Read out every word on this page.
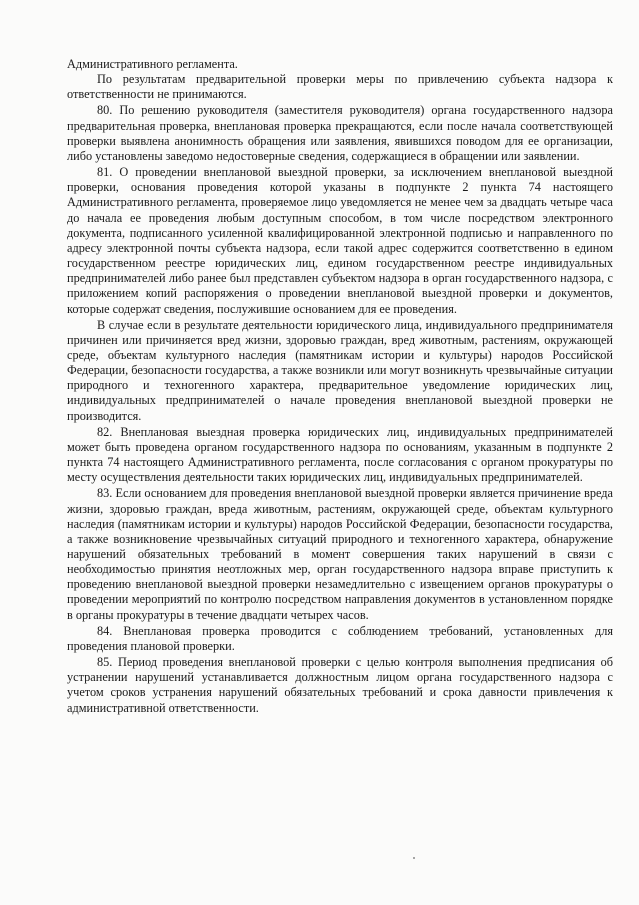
Административного регламента.

По результатам предварительной проверки меры по привлечению субъекта надзора к ответственности не принимаются.

80. По решению руководителя (заместителя руководителя) органа государственного надзора предварительная проверка, внеплановая проверка прекращаются, если после начала соответствующей проверки выявлена анонимность обращения или заявления, явившихся поводом для ее организации, либо установлены заведомо недостоверные сведения, содержащиеся в обращении или заявлении.

81. О проведении внеплановой выездной проверки, за исключением внеплановой выездной проверки, основания проведения которой указаны в подпункте 2 пункта 74 настоящего Административного регламента, проверяемое лицо уведомляется не менее чем за двадцать четыре часа до начала ее проведения любым доступным способом, в том числе посредством электронного документа, подписанного усиленной квалифицированной электронной подписью и направленного по адресу электронной почты субъекта надзора, если такой адрес содержится соответственно в едином государственном реестре юридических лиц, едином государственном реестре индивидуальных предпринимателей либо ранее был представлен субъектом надзора в орган государственного надзора, с приложением копий распоряжения о проведении внеплановой выездной проверки и документов, которые содержат сведения, послужившие основанием для ее проведения.

В случае если в результате деятельности юридического лица, индивидуального предпринимателя причинен или причиняется вред жизни, здоровью граждан, вред животным, растениям, окружающей среде, объектам культурного наследия (памятникам истории и культуры) народов Российской Федерации, безопасности государства, а также возникли или могут возникнуть чрезвычайные ситуации природного и техногенного характера, предварительное уведомление юридических лиц, индивидуальных предпринимателей о начале проведения внеплановой выездной проверки не производится.

82. Внеплановая выездная проверка юридических лиц, индивидуальных предпринимателей может быть проведена органом государственного надзора по основаниям, указанным в подпункте 2 пункта 74 настоящего Административного регламента, после согласования с органом прокуратуры по месту осуществления деятельности таких юридических лиц, индивидуальных предпринимателей.

83. Если основанием для проведения внеплановой выездной проверки является причинение вреда жизни, здоровью граждан, вреда животным, растениям, окружающей среде, объектам культурного наследия (памятникам истории и культуры) народов Российской Федерации, безопасности государства, а также возникновение чрезвычайных ситуаций природного и техногенного характера, обнаружение нарушений обязательных требований в момент совершения таких нарушений в связи с необходимостью принятия неотложных мер, орган государственного надзора вправе приступить к проведению внеплановой выездной проверки незамедлительно с извещением органов прокуратуры о проведении мероприятий по контролю посредством направления документов в установленном порядке в органы прокуратуры в течение двадцати четырех часов.

84. Внеплановая проверка проводится с соблюдением требований, установленных для проведения плановой проверки.

85. Период проведения внеплановой проверки с целью контроля выполнения предписания об устранении нарушений устанавливается должностным лицом органа государственного надзора с учетом сроков устранения нарушений обязательных требований и срока давности привлечения к административной ответственности.
